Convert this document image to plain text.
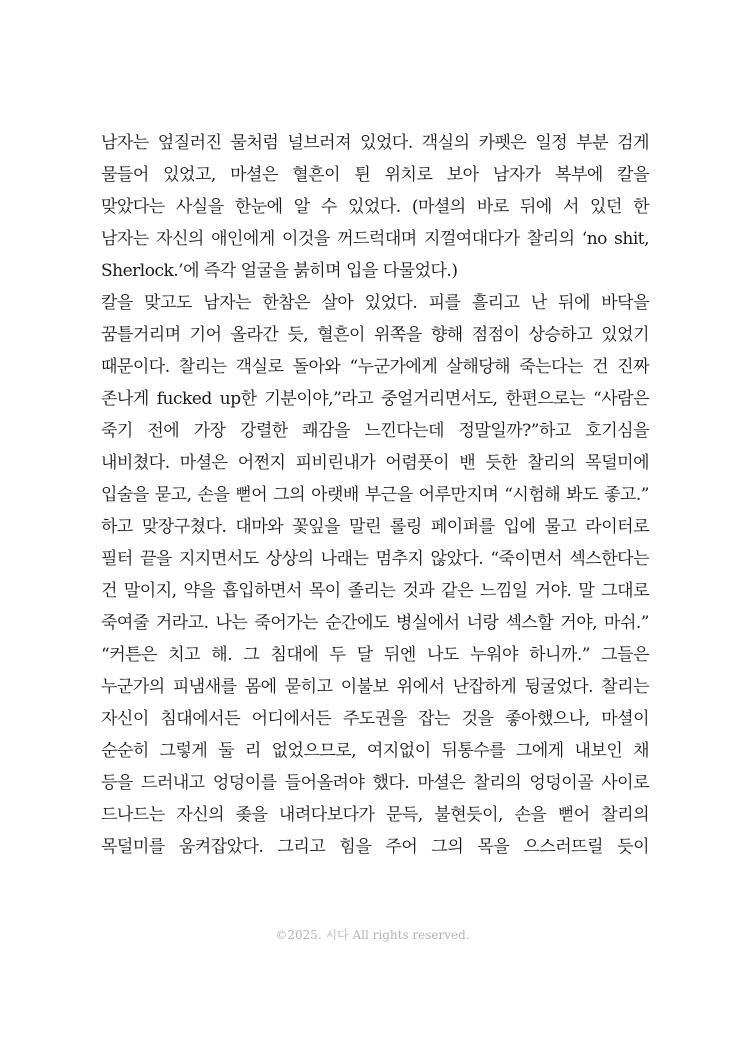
남자는 엎질러진 물처럼 널브러져 있었다. 객실의 카펫은 일정 부분 검게
물들어 있었고, 마셜은 혈흔이 튄 위치로 보아 남자가 복부에 칼을
맞았다는 사실을 한눈에 알 수 있었다. (마셜의 바로 뒤에 서 있던 한
남자는 자신의 애인에게 이것을 꺼드럭대며 지껄여대다가 찰리의 ‘no shit,
Sherlock.’에 즉각 얼굴을 붉히며 입을 다물었다.)
칼을 맞고도 남자는 한참은 살아 있었다. 피를 흘리고 난 뒤에 바닥을
꿈틀거리며 기어 올라간 듯, 혈흔이 위쪽을 향해 점점이 상승하고 있었기
때문이다. 찰리는 객실로 돌아와 “누군가에게 살해당해 죽는다는 건 진짜
존나게 fucked up한 기분이야,”라고 중얼거리면서도, 한편으로는 “사람은
죽기 전에 가장 강렬한 쾌감을 느낀다는데 정말일까?”하고 호기심을
내비쳤다. 마셜은 어쩐지 피비린내가 어렴풋이 밴 듯한 찰리의 목덜미에
입술을 묻고, 손을 뻗어 그의 아랫배 부근을 어루만지며 “시험해 봐도 좋고.”
하고 맞장구쳤다. 대마와 꽃잎을 말린 롤링 페이퍼를 입에 물고 라이터로
필터 끝을 지지면서도 상상의 나래는 멈추지 않았다. “죽이면서 섹스한다는
건 말이지, 약을 흡입하면서 목이 졸리는 것과 같은 느낌일 거야. 말 그대로
죽여줄 거라고. 나는 죽어가는 순간에도 병실에서 너랑 섹스할 거야, 마쉬.”
“커튼은 치고 해. 그 침대에 두 달 뒤엔 나도 누워야 하니까.” 그들은
누군가의 피냄새를 몸에 묻히고 이불보 위에서 난잡하게 뒹굴었다. 찰리는
자신이 침대에서든 어디에서든 주도권을 잡는 것을 좋아했으나, 마셜이
순순히 그렇게 둘 리 없었으므로, 여지없이 뒤통수를 그에게 내보인 채
등을 드러내고 엉덩이를 들어올려야 했다. 마셜은 찰리의 엉덩이골 사이로
드나드는 자신의 좆을 내려다보다가 문득, 불현듯이, 손을 뻗어 찰리의
목덜미를 움켜잡았다. 그리고 힘을 주어 그의 목을 으스러뜨릴 듯이
©2025. 시다 All rights reserved.
